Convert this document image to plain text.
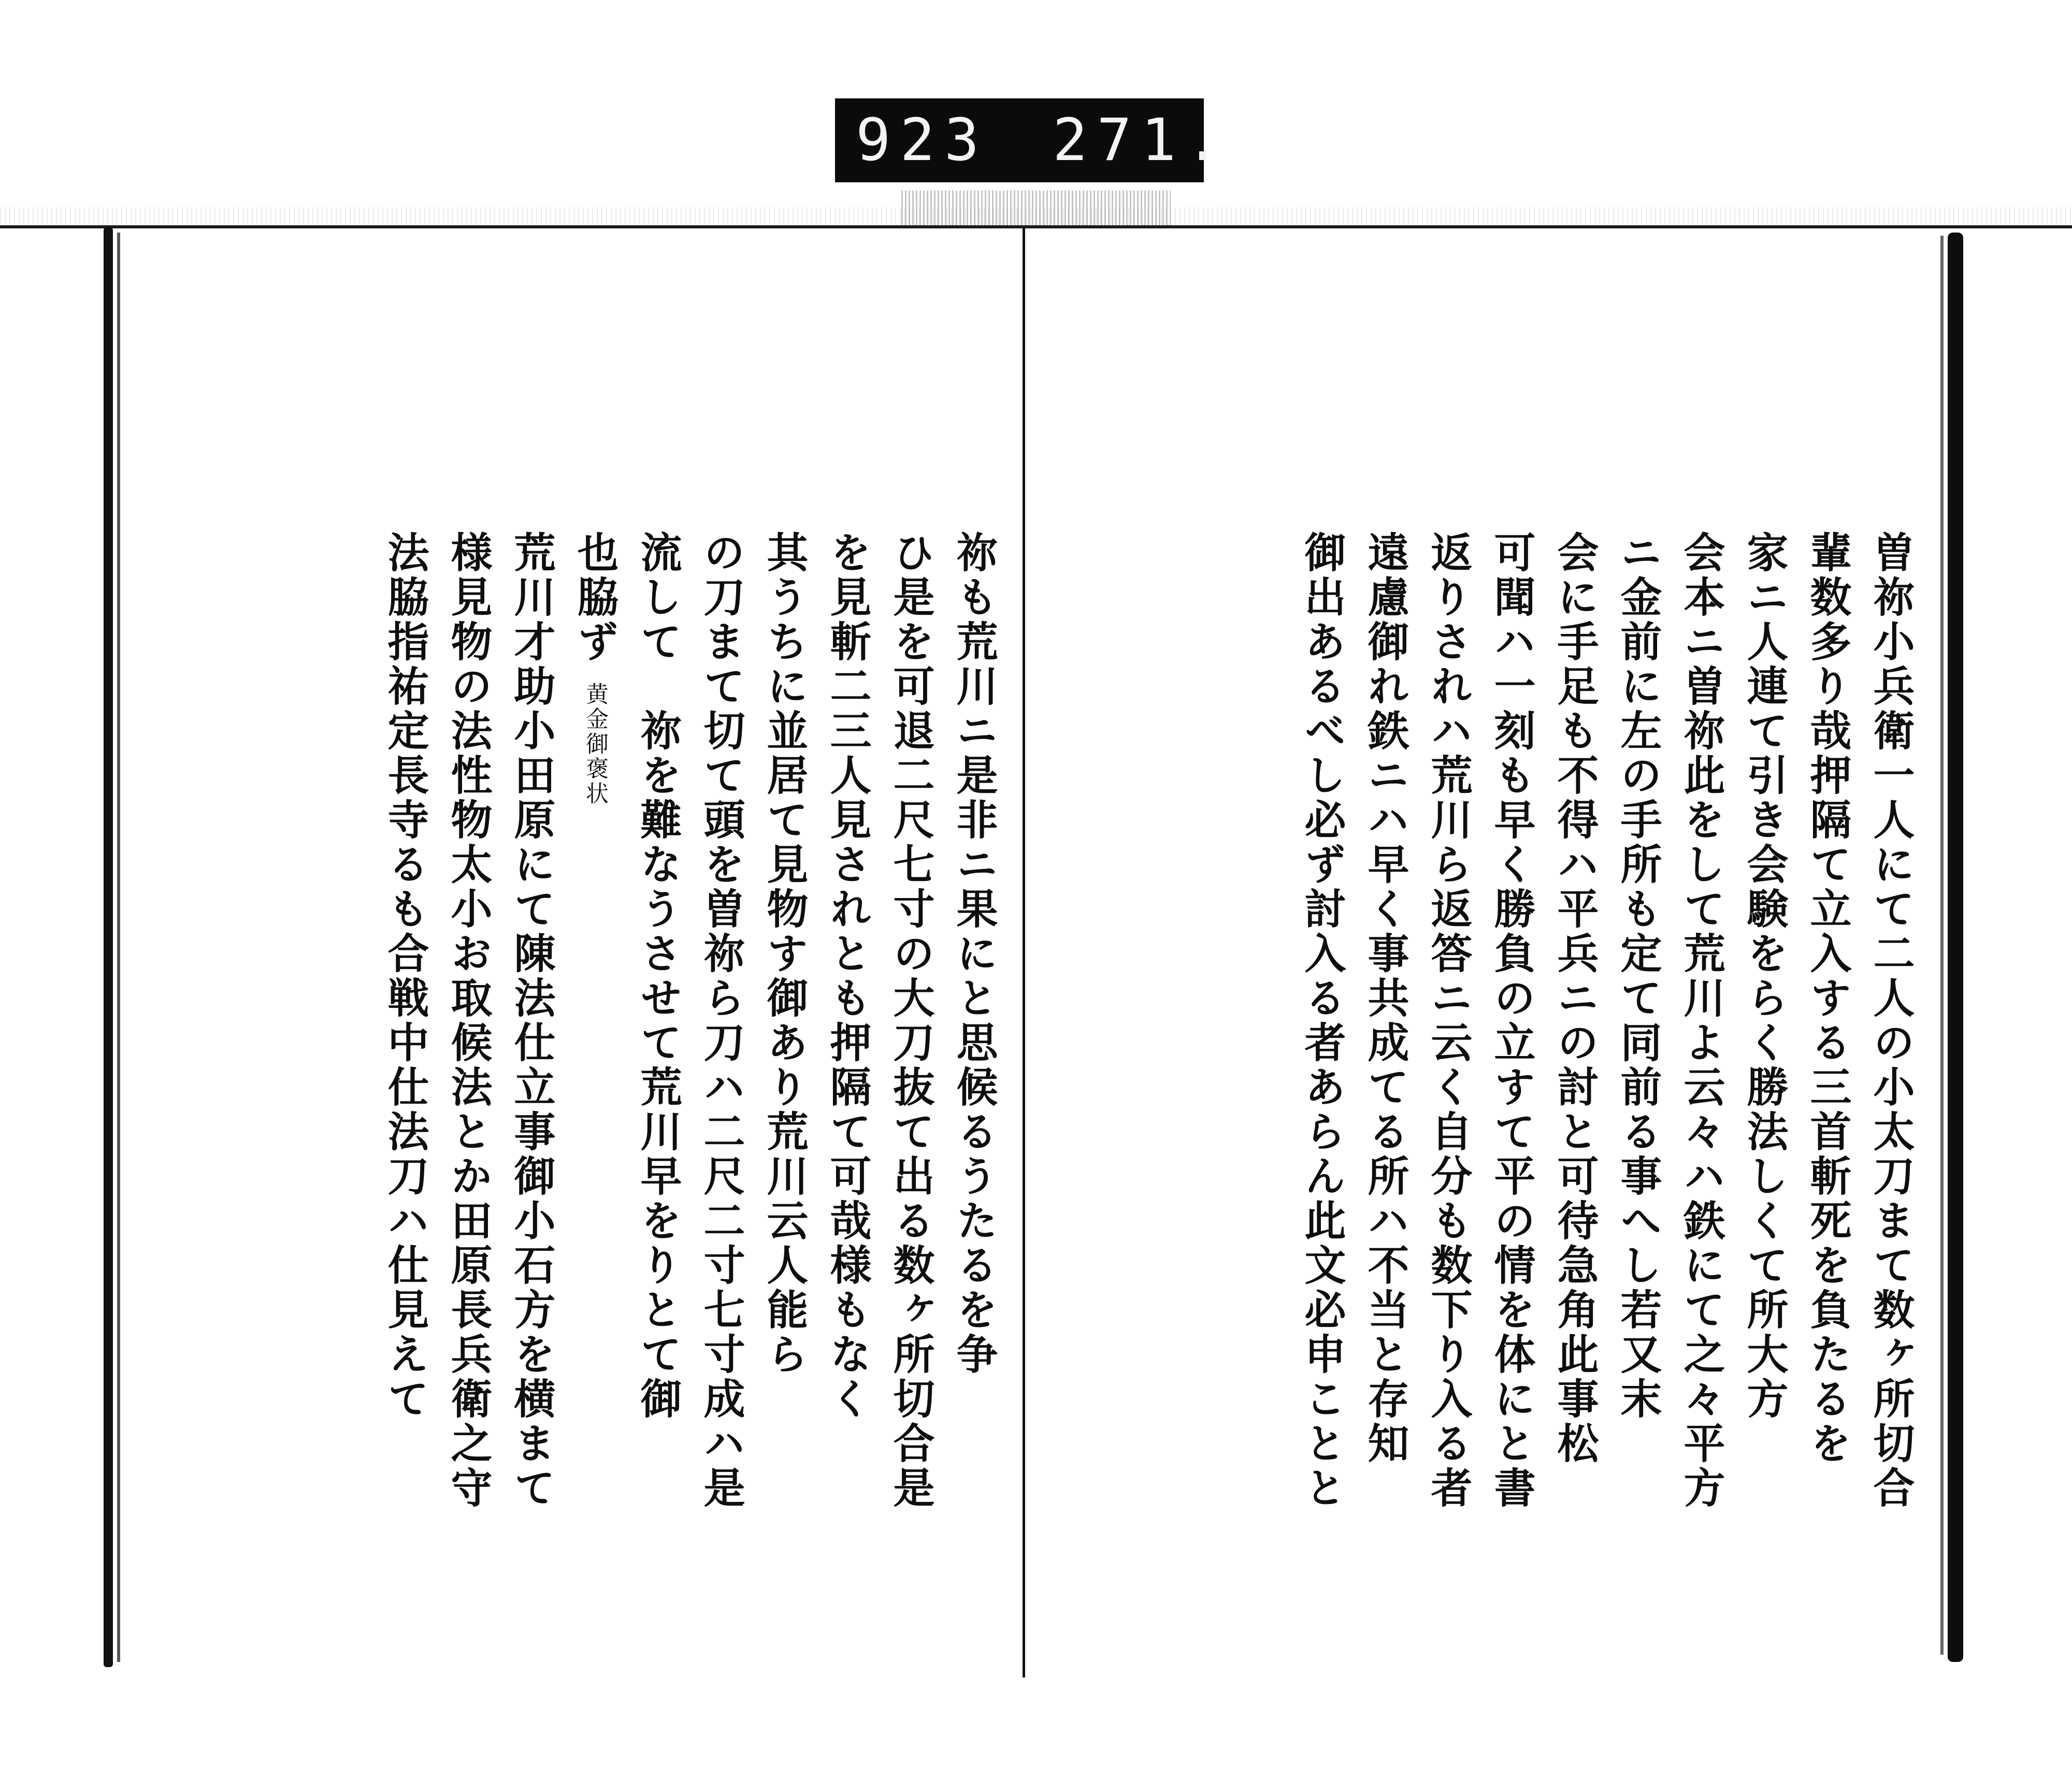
923 271.
曽祢小兵衛一人にて二人の小太刀まて数ヶ所切合
輩数多り哉押隔て立入する三首斬死を負たるを
家ニ人連て引き会験をらく勝法しくて所大方
会本ニ曽祢此をして荒川よ云々ハ鉄にて之々平方
ニ金前に左の手所も定て同前る事へし若又末
会に手足も不得ハ平兵ニの討と可待急角此事松
可聞ハ一刻も早く勝負の立すて平の情を体にと書
返りされハ荒川ら返答ニ云く自分も数下り入る者
遠慮御れ鉄ニハ早く事共成てる所ハ不当と存知
御出あるべし必ず討入る者あらん此文必申ことと
祢も荒川ニ是非ニ果にと思候るうたるを争
ひ是を可退二尺七寸の大刀抜て出る数ヶ所切合是
を見斬二三人見されとも押隔て可哉様もなく
其うちに並居て見物す御あり荒川云人能ら
の刀まて切て頭を曽祢ら刀ハ二尺二寸七寸成ハ是
流して　祢を難なうさせて荒川早をりとて御
也脇ず 黄金御褒状
荒川才助小田原にて陳法仕立事御小石方を横まて
様見物の法性物太小お取候法とか田原長兵衛之守
法脇指祐定長寺るも合戦中仕法刀ハ仕見えて
